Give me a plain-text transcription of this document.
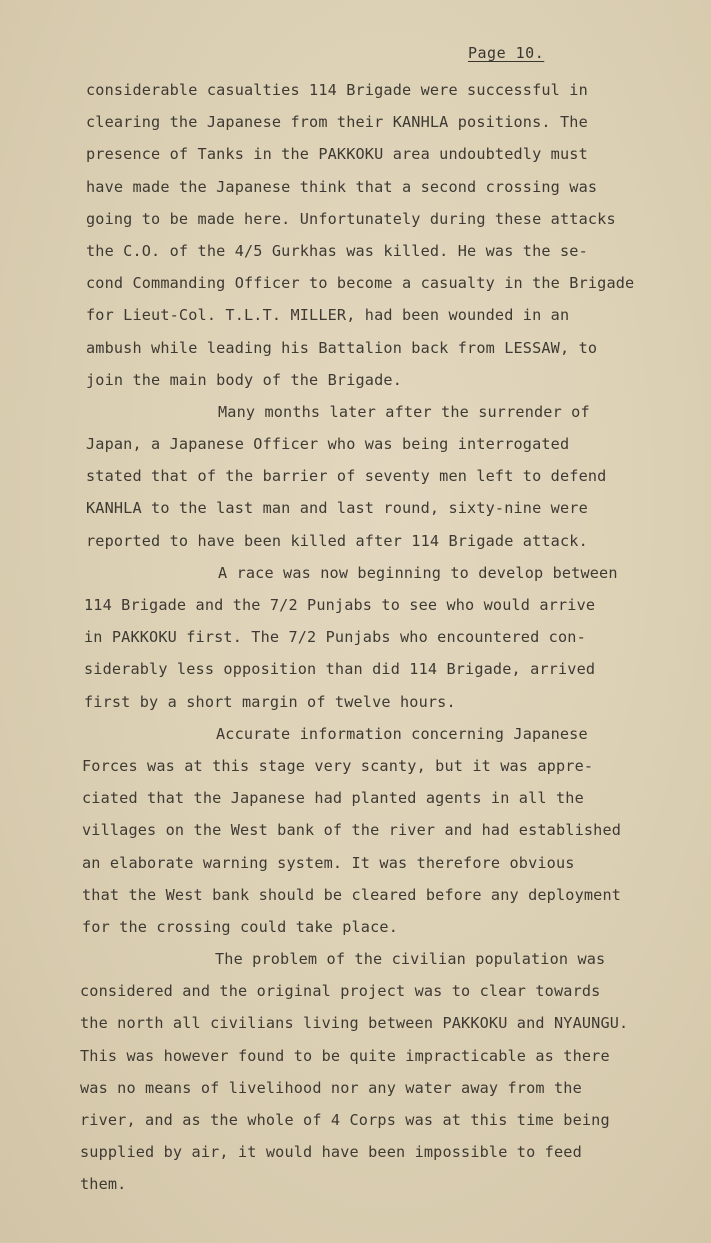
Page 10.
considerable casualties 114 Brigade were successful in
clearing the Japanese from their KANHLA positions. The
presence of Tanks in the PAKKOKU area undoubtedly must
have made the Japanese think that a second crossing was
going to be made here. Unfortunately during these attacks
the C.O. of the 4/5 Gurkhas was killed. He was the se-
cond Commanding Officer to become a casualty in the Brigade
for Lieut-Col. T.L.T. MILLER, had been wounded in an
ambush while leading his Battalion back from LESSAW, to
join the main body of the Brigade.
Many months later after the surrender of
Japan, a Japanese Officer who was being interrogated
stated that of the barrier of seventy men left to defend
KANHLA to the last man and last round, sixty-nine were
reported to have been killed after 114 Brigade attack.
A race was now beginning to develop between
114 Brigade and the 7/2 Punjabs to see who would arrive
in PAKKOKU first. The 7/2 Punjabs who encountered con-
siderably less opposition than did 114 Brigade, arrived
first by a short margin of twelve hours.
Accurate information concerning Japanese
Forces was at this stage very scanty, but it was appre-
ciated that the Japanese had planted agents in all the
villages on the West bank of the river and had established
an elaborate warning system. It was therefore obvious
that the West bank should be cleared before any deployment
for the crossing could take place.
The problem of the civilian population was
considered and the original project was to clear towards
the north all civilians living between PAKKOKU and NYAUNGU.
This was however found to be quite impracticable as there
was no means of livelihood nor any water away from the
river, and as the whole of 4 Corps was at this time being
supplied by air, it would have been impossible to feed
them.
